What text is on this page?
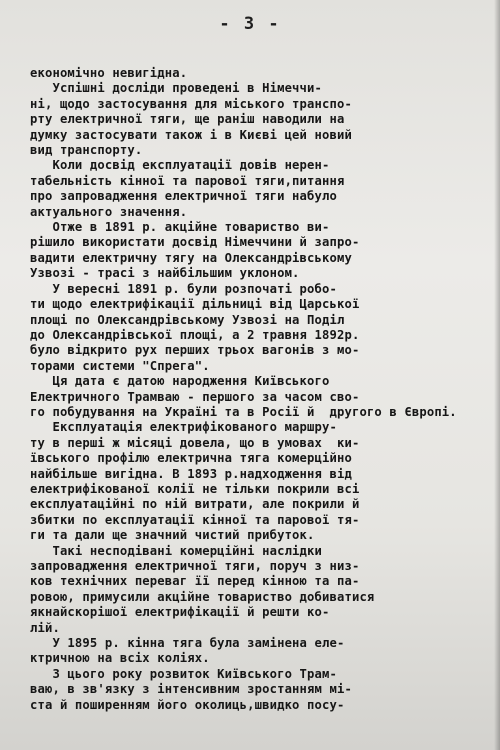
- 3 -
економічно невигідна.
Успішні досліди проведені в Німеччи-
ні, щодо застосування для міського транспо-
рту електричної тяги, ще раніш наводили на
думку застосувати також і в Києві цей новий
вид транспорту.
Коли досвід експлуатації довів нерен-
табельність кінної та парової тяги,питання
про запровадження електричної тяги набуло
актуального значення.
Отже в 1891 р. акційне товариство ви-
рішило використати досвід Німеччини й запро-
вадити електричну тягу на Олександрівському
Узвозі - трасі з найбільшим уклоном.
У вересні 1891 р. були розпочаті робо-
ти щодо електрифікації дільниці від Царської
площі по Олександрівському Узвозі на Поділ
до Олександрівської площі, а 2 травня 1892р.
було відкрито рух перших трьох вагонів з мо-
торами системи "Спрега".
Ця дата є датою народження Київського
Електричного Трамваю - першого за часом сво-
го побудування на Україні та в Росії й  другого в Європі.
Експлуатація електрифікованого маршру-
ту в перші ж місяці довела, що в умовах  ки-
ївського профілю електрична тяга комерційно
найбільше вигідна. В 1893 р.надходження від
електрифікованої колії не тільки покрили всі
експлуатаційні по ній витрати, але покрили й
збитки по експлуатації кінної та парової тя-
ги та дали ще значний чистий прибуток.
Такі несподівані комерційні наслідки
запровадження електричної тяги, поруч з низ-
ков технічних переваг її перед кінною та па-
ровою, примусили акційне товариство добиватися
якнайскорішої електрифікації й решти ко-
лій.
У 1895 р. кінна тяга була замінена еле-
ктричною на всіх коліях.
З цього року розвиток Київського Трам-
ваю, в зв'язку з інтенсивним зростанням мі-
ста й поширенням його околиць,швидко посу-
